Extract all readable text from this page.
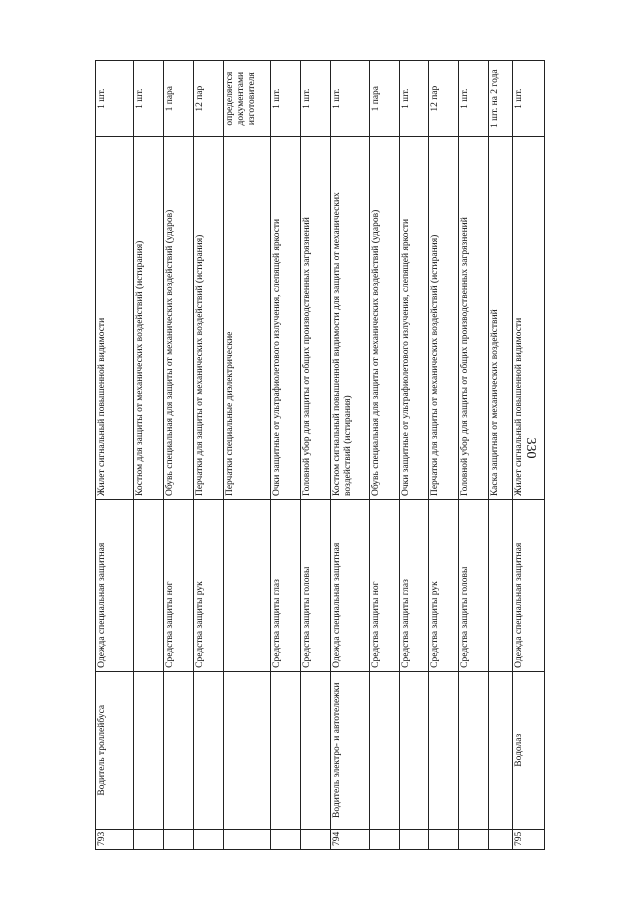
330
793	Водитель троллейбуса	Одежда специальная защитная	Жилет сигнальный повышенной видимости	1 шт.
			Костюм для защиты от механических воздействий (истирания)	1 шт.
		Средства защиты ног	Обувь специальная для защиты от механических воздействий (ударов)	1 пара
		Средства защиты рук	Перчатки для защиты от механических воздействий (истирания)	12 пар
			Перчатки специальные диэлектрические	определяется документами изготовителя
		Средства защиты глаз	Очки защитные от ультрафиолетового излучения, слепящей яркости	1 шт.
		Средства защиты головы	Головной убор для защиты от общих производственных загрязнений	1 шт.
794	Водитель электро- и автотележки	Одежда специальная защитная	Костюм сигнальный повышенной видимости для защиты от механических воздействий (истирания)	1 шт.
		Средства защиты ног	Обувь специальная для защиты от механических воздействий (ударов)	1 пара
		Средства защиты глаз	Очки защитные от ультрафиолетового излучения, слепящей яркости	1 шт.
		Средства защиты рук	Перчатки для защиты от механических воздействий (истирания)	12 пар
		Средства защиты головы	Головной убор для защиты от общих производственных загрязнений	1 шт.
			Каска защитная от механических воздействий	1 шт. на 2 года
795	Водолаз	Одежда специальная защитная	Жилет сигнальный повышенной видимости	1 шт.
